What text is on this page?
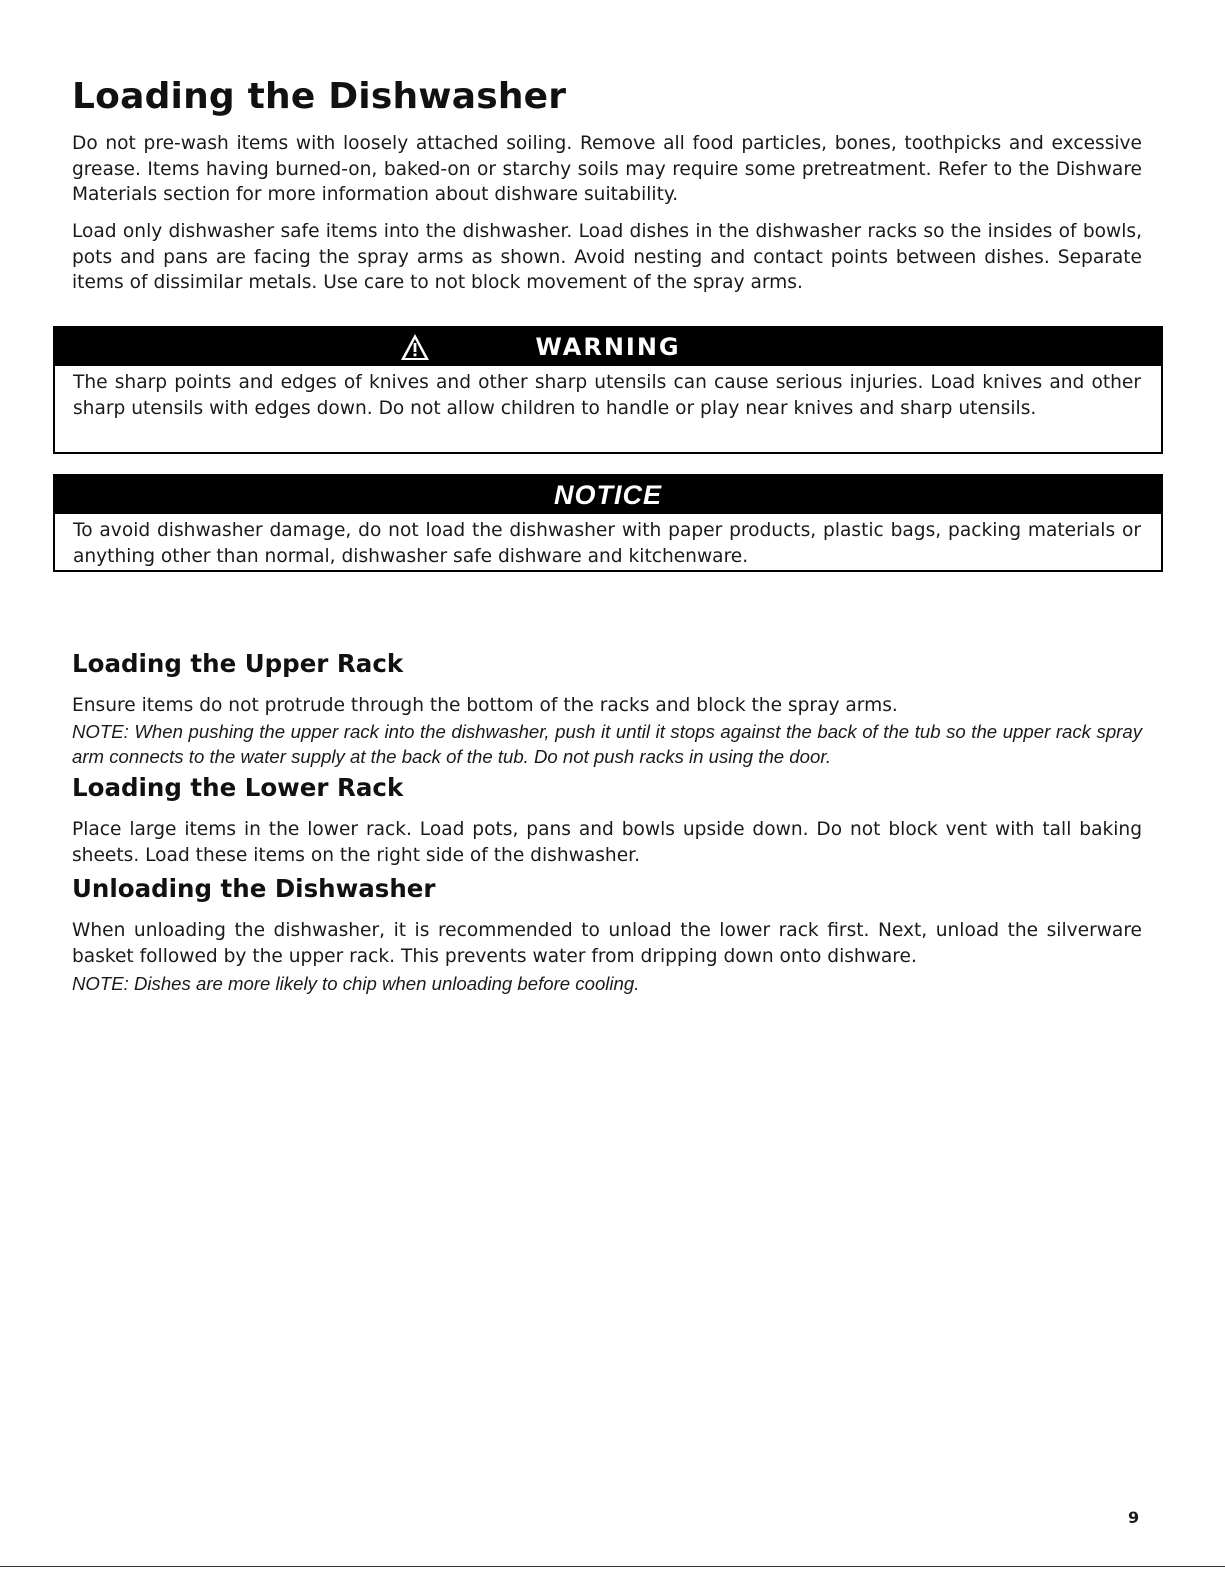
Loading the Dishwasher

Do not pre-wash items with loosely attached soiling. Remove all food particles, bones, toothpicks and excessive grease. Items having burned-on, baked-on or starchy soils may require some pretreatment. Refer to the Dishware Materials section for more information about dishware suitability.

Load only dishwasher safe items into the dishwasher. Load dishes in the dishwasher racks so the insides of bowls, pots and pans are facing the spray arms as shown. Avoid nesting and contact points between dishes. Separate items of dissimilar metals. Use care to not block movement of the spray arms.

WARNING

The sharp points and edges of knives and other sharp utensils can cause serious injuries. Load knives and other sharp utensils with edges down. Do not allow children to handle or play near knives and sharp utensils.

NOTICE

To avoid dishwasher damage, do not load the dishwasher with paper products, plastic bags, packing materials or anything other than normal, dishwasher safe dishware and kitchenware.

Loading the Upper Rack

Ensure items do not protrude through the bottom of the racks and block the spray arms.

NOTE: When pushing the upper rack into the dishwasher, push it until it stops against the back of the tub so the upper rack spray arm connects to the water supply at the back of the tub. Do not push racks in using the door.

Loading the Lower Rack

Place large items in the lower rack. Load pots, pans and bowls upside down. Do not block vent with tall baking sheets. Load these items on the right side of the dishwasher.

Unloading the Dishwasher

When unloading the dishwasher, it is recommended to unload the lower rack first. Next, unload the silverware basket followed by the upper rack. This prevents water from dripping down onto dishware.

NOTE: Dishes are more likely to chip when unloading before cooling.

9
